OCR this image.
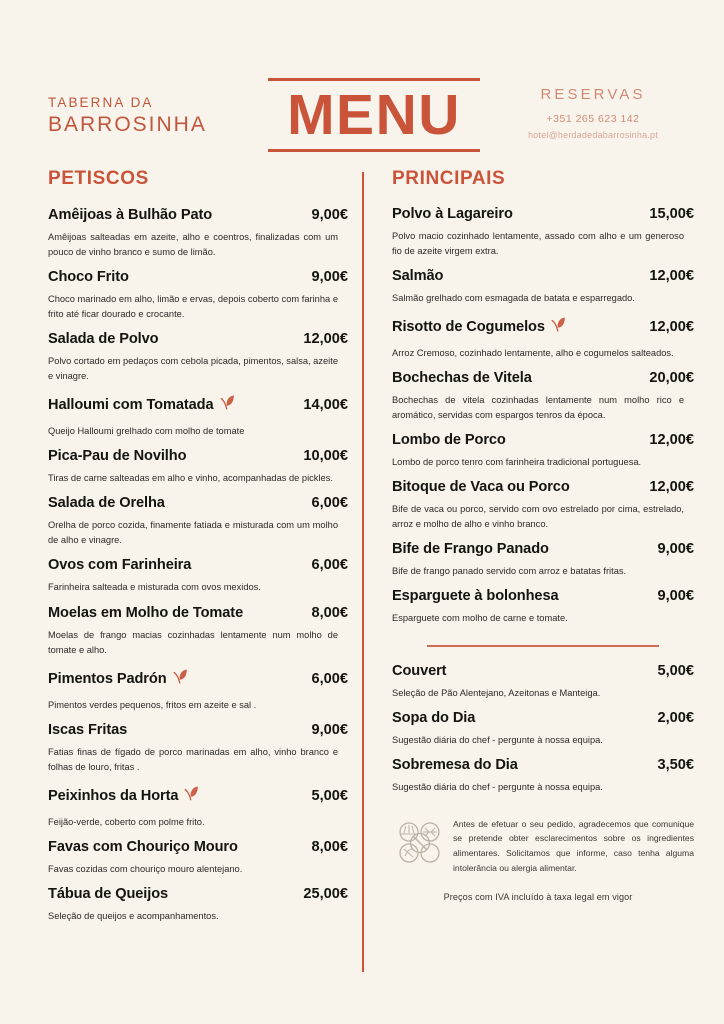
TABERNA DA
BARROSINHA	MENU	RESERVAS
+351 265 623 142
hotel@herdadedabarrosinha.pt
PETISCOS
Amêijoas à Bulhão Pato	9,00€
Amêijoas salteadas em azeite, alho e coentros, finalizadas com um pouco de vinho branco e sumo de limão.
Choco Frito	9,00€
Choco marinado em alho, limão e ervas, depois coberto com farinha e frito até ficar dourado e crocante.
Salada de Polvo	12,00€
Polvo cortado em pedaços com cebola picada, pimentos, salsa, azeite e vinagre.
Halloumi com Tomatada	14,00€
Queijo Halloumi grelhado com molho de tomate
Pica-Pau de Novilho	10,00€
Tiras de carne salteadas em alho e vinho, acompanhadas de pickles.
Salada de Orelha	6,00€
Orelha de porco cozida, finamente fatiada e misturada com um molho de alho e vinagre.
Ovos com Farinheira	6,00€
Farinheira salteada e misturada com ovos mexidos.
Moelas em Molho de Tomate	8,00€
Moelas de frango macias cozinhadas lentamente num molho de tomate e alho.
Pimentos Padrón	6,00€
Pimentos verdes pequenos, fritos em azeite e sal .
Iscas Fritas	9,00€
Fatias finas de fígado de porco marinadas em alho, vinho branco e folhas de louro, fritas .
Peixinhos da Horta	5,00€
Feijão-verde, coberto com polme frito.
Favas com Chouriço Mouro	8,00€
Favas cozidas com chouriço mouro alentejano.
Tábua de Queijos	25,00€
Seleção de queijos e acompanhamentos.
PRINCIPAIS
Polvo à Lagareiro	15,00€
Polvo macio cozinhado lentamente, assado com alho e um generoso fio de azeite virgem extra.
Salmão	12,00€
Salmão grelhado com esmagada de batata e esparregado.
Risotto de Cogumelos	12,00€
Arroz Cremoso, cozinhado lentamente, alho e cogumelos salteados.
Bochechas de Vitela	20,00€
Bochechas de vitela cozinhadas lentamente num molho rico e aromático, servidas com espargos tenros da época.
Lombo de Porco	12,00€
Lombo de porco tenro com farinheira tradicional portuguesa.
Bitoque de Vaca ou Porco	12,00€
Bife de vaca ou porco, servido com ovo estrelado por cima, estrelado, arroz e molho de alho e vinho branco.
Bife de Frango Panado	9,00€
Bife de frango panado servido com arroz e batatas fritas.
Esparguete à bolonhesa	9,00€
Esparguete com molho de carne e tomate.
Couvert	5,00€
Seleção de Pão Alentejano, Azeitonas e Manteiga.
Sopa do Dia	2,00€
Sugestão diária do chef - pergunte à nossa equipa.
Sobremesa do Dia	3,50€
Sugestão diária do chef - pergunte à nossa equipa.
Antes de efetuar o seu pedido, agradecemos que comunique se pretende obter esclarecimentos sobre os ingredientes alimentares. Solicitamos que informe, caso tenha alguma intolerância ou alergia alimentar.
Preços com IVA incluído à taxa legal em vigor
